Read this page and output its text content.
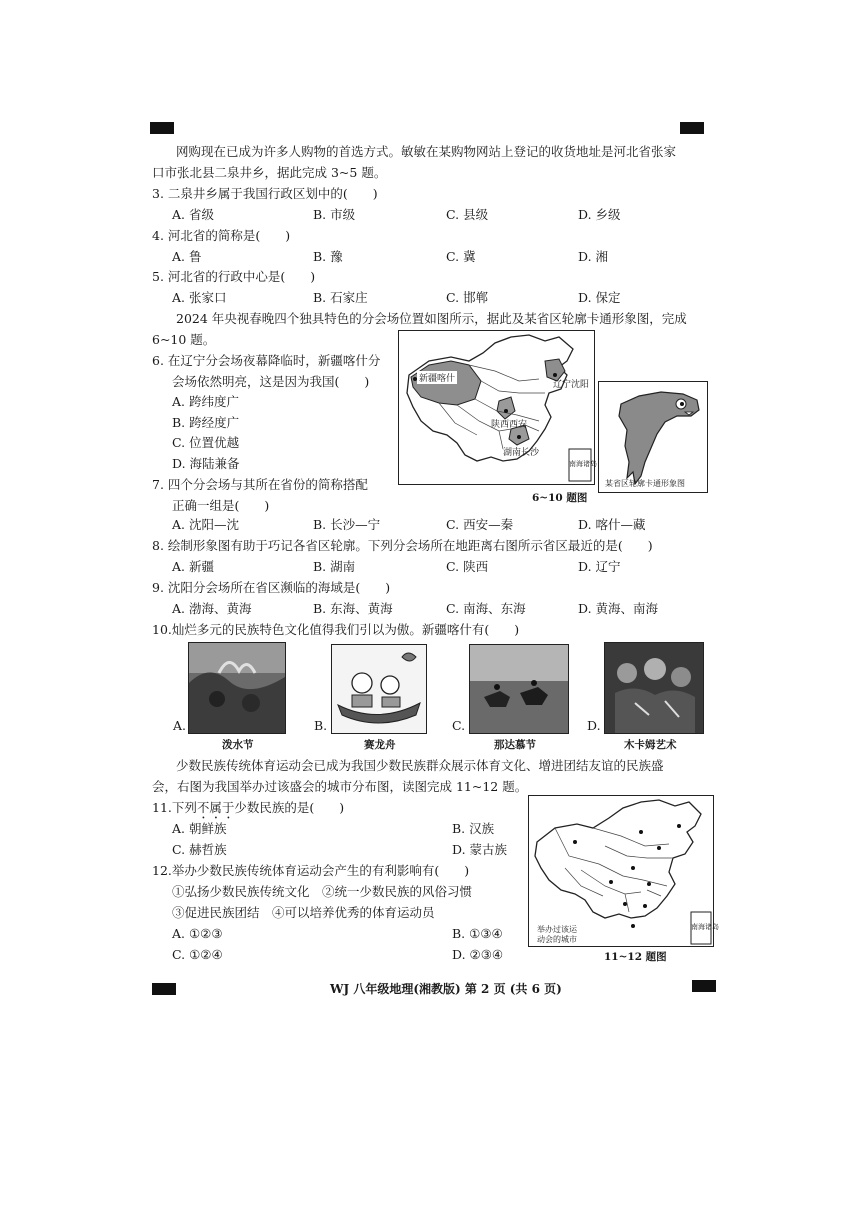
网购现在已成为许多人购物的首选方式。敏敏在某购物网站上登记的收货地址是河北省张家
口市张北县二泉井乡，据此完成 3~5 题。
3. 二泉井乡属于我国行政区划中的(　　)
A. 省级	B. 市级	C. 县级	D. 乡级
4. 河北省的简称是(　　)
A. 鲁	B. 豫	C. 冀	D. 湘
5. 河北省的行政中心是(　　)
A. 张家口	B. 石家庄	C. 邯郸	D. 保定
2024 年央视春晚四个独具特色的分会场位置如图所示，据此及某省区轮廓卡通形象图，完成
6~10 题。
6. 在辽宁分会场夜幕降临时，新疆喀什分
会场依然明亮，这是因为我国(　　)
A. 跨纬度广
B. 跨经度广
C. 位置优越
D. 海陆兼备
新疆喀什
辽宁沈阳
陕西西安
湖南长沙
南海诸岛
某省区轮廓卡通形象图
6~10 题图
7. 四个分会场与其所在省份的简称搭配
正确一组是(　　)
A. 沈阳—沈	B. 长沙—宁	C. 西安—秦	D. 喀什—藏
8. 绘制形象图有助于巧记各省区轮廓。下列分会场所在地距离右图所示省区最近的是(　　)
A. 新疆	B. 湖南	C. 陕西	D. 辽宁
9. 沈阳分会场所在省区濒临的海域是(　　)
A. 渤海、黄海	B. 东海、黄海	C. 南海、东海	D. 黄海、南海
10.灿烂多元的民族特色文化值得我们引以为傲。新疆喀什有(　　)
A.
泼水节
B.
赛龙舟
C.
那达慕节
D.
木卡姆艺术
少数民族传统体育运动会已成为我国少数民族群众展示体育文化、增进团结友谊的民族盛
会，右图为我国举办过该盛会的城市分布图，读图完成 11~12 题。
11.下列不属于少数民族的是(　　)
A. 朝鲜族	B. 汉族
C. 赫哲族	D. 蒙古族
12.举办少数民族传统体育运动会产生的有利影响有(　　)
①弘扬少数民族传统文化　②统一少数民族的风俗习惯
③促进民族团结　④可以培养优秀的体育运动员
A. ①②③	B. ①③④
C. ①②④	D. ②③④
举办过该运
动会的城市
南海诸岛
11~12 题图
WJ 八年级地理(湘教版) 第 2 页 (共 6 页)
